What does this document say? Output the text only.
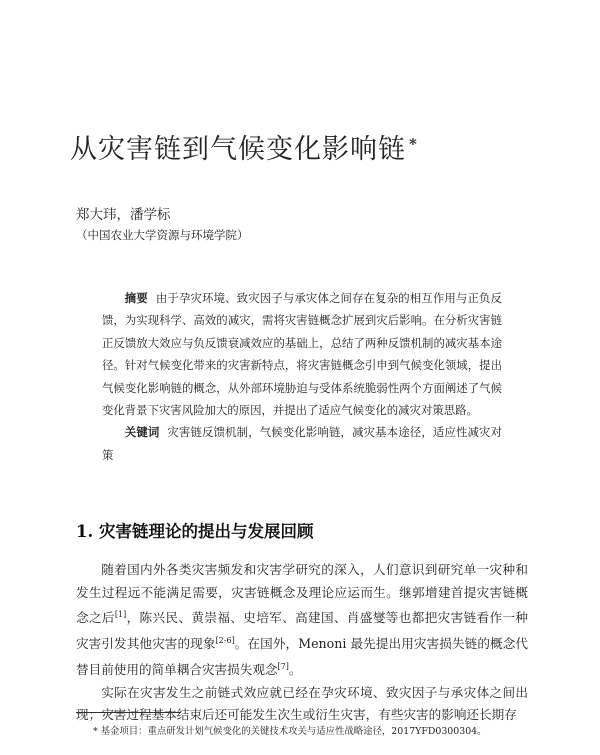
从灾害链到气候变化影响链 *
郑大玮，潘学标
（中国农业大学资源与环境学院）

摘要 由于孕灾环境、致灾因子与承灾体之间存在复杂的相互作用与正负反馈，为实现科学、高效的减灾，需将灾害链概念扩展到灾后影响。在分析灾害链正反馈放大效应与负反馈衰减效应的基础上，总结了两种反馈机制的减灾基本途径。针对气候变化带来的灾害新特点，将灾害链概念引申到气候变化领域，提出气候变化影响链的概念，从外部环境胁迫与受体系统脆弱性两个方面阐述了气候变化背景下灾害风险加大的原因，并提出了适应气候变化的减灾对策思路。

关键词 灾害链反馈机制，气候变化影响链，减灾基本途径，适应性减灾对策

1. 灾害链理论的提出与发展回顾

随着国内外各类灾害频发和灾害学研究的深入，人们意识到研究单一灾种和发生过程远不能满足需要，灾害链概念及理论应运而生。继郭增建首提灾害链概念之后[1]，陈兴民、黄崇福、史培军、高建国、肖盛燮等也都把灾害链看作一种灾害引发其他灾害的现象[2-6]。在国外，Menoni 最先提出用灾害损失链的概念代替目前使用的简单耦合灾害损失观念[7]。

实际在灾害发生之前链式效应就已经在孕灾环境、致灾因子与承灾体之间出现；灾害过程基本结束后还可能发生次生或衍生灾害，有些灾害的影响还长期存

* 基金项目：重点研发计划气候变化的关键技术攻关与适应性战略途径，2017YFD0300304。
